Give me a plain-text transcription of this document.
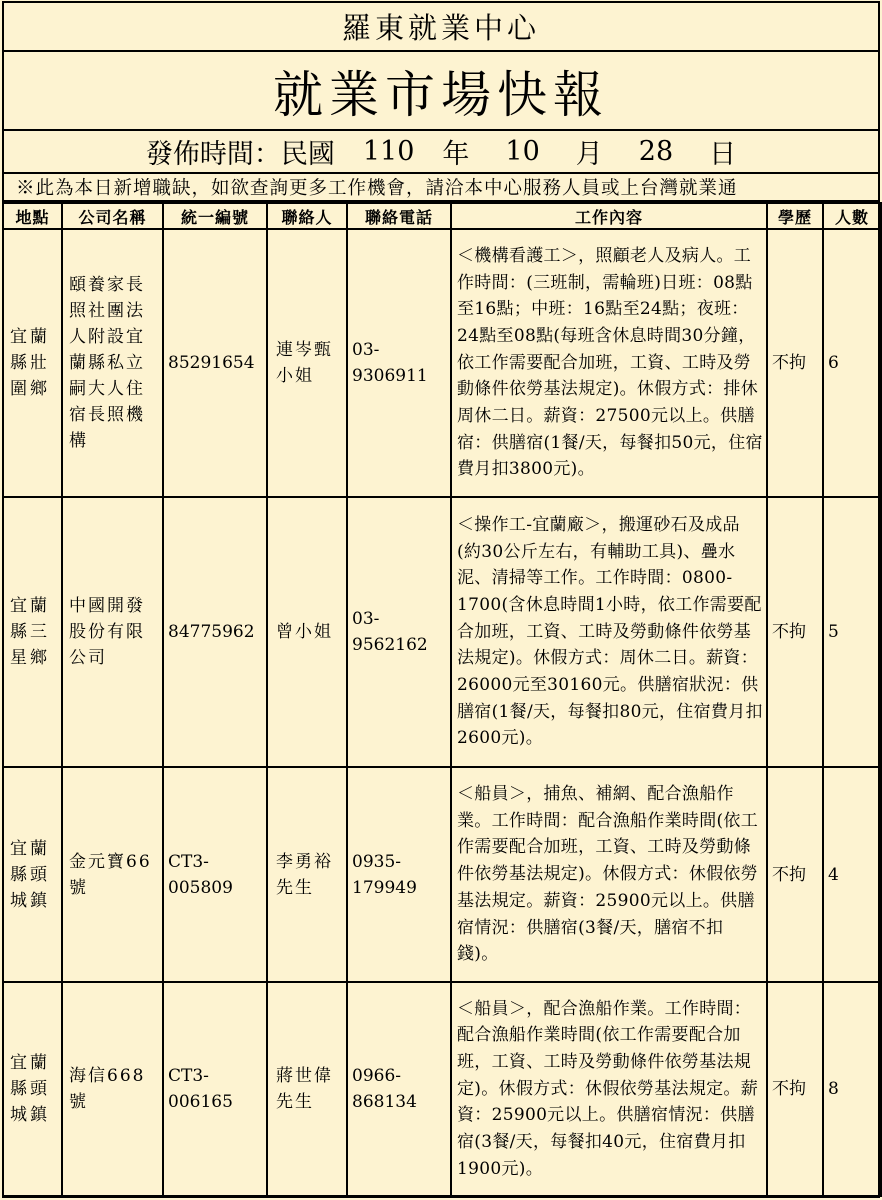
羅東就業中心
就業市場快報
發佈時間：民國 110 年 10 月 28 日
※此為本日新增職缺，如欲查詢更多工作機會，請洽本中心服務人員或上台灣就業通
地點	公司名稱	統一編號	聯絡人	聯絡電話	工作內容	學歷	人數
宜蘭縣壯圍鄉	頤養家長照社團法人附設宜蘭縣私立嗣大人住宿長照機構	85291654	連岑甄小姐	03-9306911	＜機構看護工＞，照顧老人及病人。工作時間：(三班制，需輪班)日班：08點至16點；中班：16點至24點；夜班：24點至08點(每班含休息時間30分鐘，依工作需要配合加班，工資、工時及勞動條件依勞基法規定)。休假方式：排休周休二日。薪資：27500元以上。供膳宿：供膳宿(1餐/天，每餐扣50元，住宿費月扣3800元)。	不拘	6
宜蘭縣三星鄉	中國開發股份有限公司	84775962	曾小姐	03-9562162	＜操作工-宜蘭廠＞，搬運砂石及成品(約30公斤左右，有輔助工具)、疊水泥、清掃等工作。工作時間：0800-1700(含休息時間1小時，依工作需要配合加班，工資、工時及勞動條件依勞基法規定)。休假方式：周休二日。薪資：26000元至30160元。供膳宿狀況：供膳宿(1餐/天，每餐扣80元，住宿費月扣2600元)。	不拘	5
宜蘭縣頭城鎮	金元寶66號	CT3-005809	李勇裕先生	0935-179949	＜船員＞，捕魚、補網、配合漁船作業。工作時間：配合漁船作業時間(依工作需要配合加班，工資、工時及勞動條件依勞基法規定)。休假方式：休假依勞基法規定。薪資：25900元以上。供膳宿情況：供膳宿(3餐/天，膳宿不扣錢)。	不拘	4
宜蘭縣頭城鎮	海信668號	CT3-006165	蔣世偉先生	0966-868134	＜船員＞，配合漁船作業。工作時間：配合漁船作業時間(依工作需要配合加班，工資、工時及勞動條件依勞基法規定)。休假方式：休假依勞基法規定。薪資：25900元以上。供膳宿情況：供膳宿(3餐/天，每餐扣40元，住宿費月扣1900元)。	不拘	8
